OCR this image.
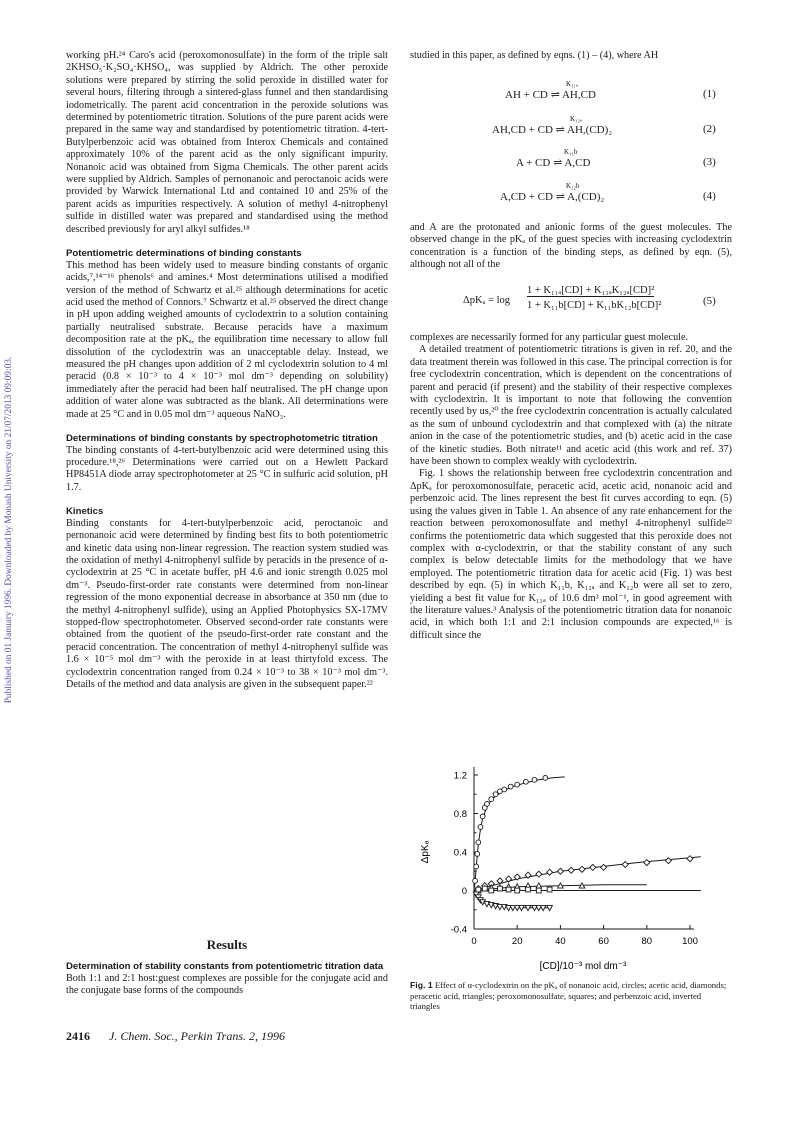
Published on 01 January 1996. Downloaded by Monash University on 21/07/2013 09:09:03.

working pH.²⁴ Caro's acid (peroxomonosulfate) in the form of the triple salt 2KHSO₅·K₂SO₄·KHSO₄, was supplied by Aldrich. The other peroxide solutions were prepared by stirring the solid peroxide in distilled water for several hours, filtering through a sintered-glass funnel and then standardising iodometrically. The parent acid concentration in the peroxide solutions was determined by potentiometric titration. Solutions of the pure parent acids were prepared in the same way and standardised by potentiometric titration. 4-tert-Butylperbenzoic acid was obtained from Interox Chemicals and contained approximately 10% of the parent acid as the only significant impurity. Nonanoic acid was obtained from Sigma Chemicals. The other parent acids were supplied by Aldrich. Samples of pernonanoic and peroctanoic acids were provided by Warwick International Ltd and contained 10 and 25% of the parent acids as impurities respectively. A solution of methyl 4-nitrophenyl sulfide in distilled water was prepared and standardised using the method described previously for aryl alkyl sulfides.¹⁸

Potentiometric determinations of binding constants

This method has been widely used to measure binding constants of organic acids,⁷,¹⁴⁻¹⁶ phenols⁶ and amines.⁴ Most determinations utilised a modified version of the method of Schwartz et al.²⁵ although determinations for acetic acid used the method of Connors.⁷ Schwartz et al.²⁵ observed the direct change in pH upon adding weighed amounts of cyclodextrin to a solution containing partially neutralised substrate. Because peracids have a maximum decomposition rate at the pKₐ, the equilibration time necessary to allow full dissolution of the cyclodextrin was an unacceptable delay. Instead, we measured the pH changes upon addition of 2 ml cyclodextrin solution to 4 ml peracid (0.8 × 10⁻³ to 4 × 10⁻³ mol dm⁻³ depending on solubility) immediately after the peracid had been half neutralised. The pH change upon addition of water alone was subtracted as the blank. All determinations were made at 25 °C and in 0.05 mol dm⁻³ aqueous NaNO₃.

Determinations of binding constants by spectrophotometric titration

The binding constants of 4-tert-butylbenzoic acid were determined using this procedure.¹⁸,²⁶ Determinations were carried out on a Hewlett Packard HP8451A diode array spectrophotometer at 25 °C in sulfuric acid solution, pH 1.7.

Kinetics

Binding constants for 4-tert-butylperbenzoic acid, peroctanoic and pernonanoic acid were determined by finding best fits to both potentiometric and kinetic data using non-linear regression. The reaction system studied was the oxidation of methyl 4-nitrophenyl sulfide by peracids in the presence of α-cyclodextrin at 25 °C in acetate buffer, pH 4.6 and ionic strength 0.025 mol dm⁻³. Pseudo-first-order rate constants were determined from non-linear regression of the mono exponential decrease in absorbance at 350 nm (due to the methyl 4-nitrophenyl sulfide), using an Applied Photophysics SX-17MV stopped-flow spectrophotometer. Observed second-order rate constants were obtained from the quotient of the pseudo-first-order rate constant and the peracid concentration. The concentration of methyl 4-nitrophenyl sulfide was 1.6 × 10⁻⁵ mol dm⁻³ with the peroxide in at least thirtyfold excess. The cyclodextrin concentration ranged from 0.24 × 10⁻³ to 38 × 10⁻³ mol dm⁻³. Details of the method and data analysis are given in the subsequent paper.²²

Results

Determination of stability constants from potentiometric titration data

Both 1:1 and 2:1 host:guest complexes are possible for the conjugate acid and the conjugate base forms of the compounds

studied in this paper, as defined by eqns. (1) – (4), where AH

K₁₁ₐ
AH + CD ⇌ AH,CD	(1)
K₁₂ₐ
AH,CD + CD ⇌ AH,(CD)₂	(2)
K₁₁b
A + CD ⇌ A,CD	(3)
K₁₂b
A,CD + CD ⇌ A,(CD)₂	(4)

and A are the protonated and anionic forms of the guest molecules. The observed change in the pKₐ of the guest species with increasing cyclodextrin concentration is a function of the binding steps, as defined by eqn. (5), although not all of the

ΔpKₐ = log
1 + K₁₁ₐ[CD] + K₁₁ₐK₁₂ₐ[CD]²
1 + K₁₁b[CD] + K₁₁bK₁₂b[CD]²	(5)

complexes are necessarily formed for any particular guest molecule.

A detailed treatment of potentiometric titrations is given in ref. 20, and the data treatment therein was followed in this case. The principal correction is for free cyclodextrin concentration, which is dependent on the concentrations of parent and peracid (if present) and the stability of their respective complexes with cyclodextrin. It is important to note that following the convention recently used by us,²⁰ the free cyclodextrin concentration is actually calculated as the sum of unbound cyclodextrin and that complexed with (a) the nitrate anion in the case of the potentiometric studies, and (b) acetic acid in the case of the kinetic studies. Both nitrate¹¹ and acetic acid (this work and ref. 37) have been shown to complex weakly with cyclodextrin.

Fig. 1 shows the relationship between free cyclodextrin concentration and ΔpKₐ for peroxomonosulfate, peracetic acid, acetic acid, nonanoic acid and perbenzoic acid. The lines represent the best fit curves according to eqn. (5) using the values given in Table 1. An absence of any rate enhancement for the reaction between peroxomonosulfate and methyl 4-nitrophenyl sulfide²² confirms the potentiometric data which suggested that this peroxide does not complex with α-cyclodextrin, or that the stability constant of any such complex is below detectable limits for the methodology that we have employed. The potentiometric titration data for acetic acid (Fig. 1) was best described by eqn. (5) in which K₁₁b, K₁₂ₐ and K₁₂b were all set to zero, yielding a best fit value for K₁₁ₐ of 10.6 dm³ mol⁻¹, in good agreement with the literature values.³ Analysis of the potentiometric titration data for nonanoic acid, in which both 1:1 and 2:1 inclusion compounds are expected,¹⁶ is difficult since the

0	20	40	60	80	100
-0.4
0
0.4
0.8
1.2
[CD]/10⁻³ mol dm⁻³
ΔpKₐ
Fig. 1 Effect of α-cyclodextrin on the pKₐ of nonanoic acid, circles; acetic acid, diamonds; peracetic acid, triangles; peroxomonosulfate, squares; and perbenzoic acid, inverted triangles
2416 J. Chem. Soc., Perkin Trans. 2, 1996
